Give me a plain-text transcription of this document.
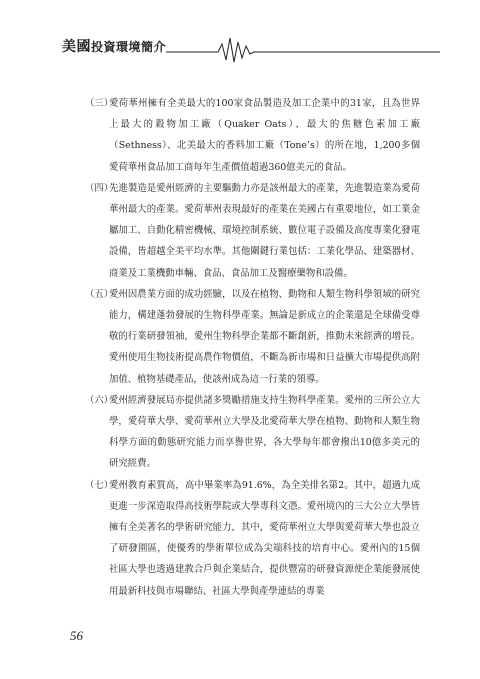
美國投資環境簡介

（三）
愛荷華州擁有全美最大的100家食品製造及加工企業中的31家，且為世界上最大的穀物加工廠（Quaker Oats）、最大的焦糖色素加工廠（Sethness）、北美最大的香料加工廠（Tone’s）的所在地，1,200多個愛荷華州食品加工商每年生產價值超過360億美元的食品。

（四）
先進製造是愛州經濟的主要驅動力亦是該州最大的產業，先進製造業為愛荷華州最大的產業。愛荷華州表現最好的產業在美國占有重要地位，如工業金屬加工、自動化精密機械、環境控制系統、數位電子設備及高度專業化發電設備，皆超越全美平均水準。其他關鍵行業包括：工業化學品、建築器材、商業及工業機動車輛、食品、食品加工及醫療藥物和設備。

（五）
愛州因農業方面的成功經驗，以及在植物、動物和人類生物科學領域的研究能力，構建蓬勃發展的生物科學產業。無論是新成立的企業還是全球備受尊敬的行業研發領袖，愛州生物科學企業都不斷創新，推動未來經濟的增長。愛州使用生物技術提高農作物價值，不斷為新市場和日益擴大市場提供高附加值、植物基礎產品，使該州成為這一行業的領導。

（六）
愛州經濟發展局亦提供諸多獎勵措施支持生物科學產業。愛州的三所公立大學，愛荷華大學、愛荷華州立大學及北愛荷華大學在植物、動物和人類生物科學方面的動態研究能力而享譽世界，各大學每年都會撥出10億多美元的研究經費。

（七）
愛州教育素質高，高中畢業率為91.6%，為全美排名第2。其中，超過九成更進一步深造取得高技術學院或大學專科文憑。愛州境內的三大公立大學皆擁有全美著名的學術研究能力，其中，愛荷華州立大學與愛荷華大學也設立了研發園區，使優秀的學術單位成為尖端科技的培育中心。愛州內的15個社區大學也透過建教合戶與企業結合，提供豐富的研發資源使企業能發展使用最新科技與市場聯結、社區大學與產學連結的專業

56
